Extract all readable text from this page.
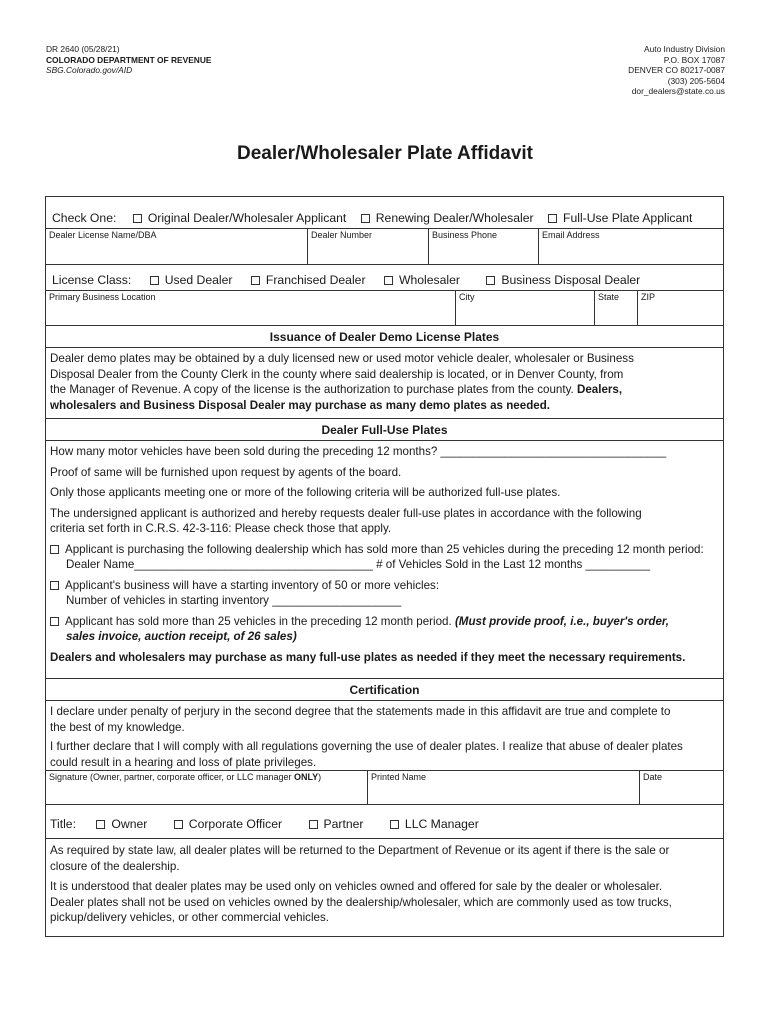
DR 2640 (05/28/21)
COLORADO DEPARTMENT OF REVENUE
SBG.Colorado.gov/AID
Auto Industry Division
P.O. BOX 17087
DENVER CO 80217-0087
(303) 205-5604
dor_dealers@state.co.us
Dealer/Wholesaler Plate Affidavit
Check One:	Original Dealer/Wholesaler Applicant Renewing Dealer/Wholesaler Full-Use Plate Applicant
Dealer License Name/DBA	Dealer Number	Business Phone	Email Address
License Class:	Used Dealer	Franchised Dealer	Wholesaler	Business Disposal Dealer
Primary Business Location	City	State	ZIP
Issuance of Dealer Demo License Plates
Dealer demo plates may be obtained by a duly licensed new or used motor vehicle dealer, wholesaler or Business
Disposal Dealer from the County Clerk in the county where said dealership is located, or in Denver County, from
the Manager of Revenue. A copy of the license is the authorization to purchase plates from the county. Dealers,
wholesalers and Business Disposal Dealer may purchase as many demo plates as needed.
Dealer Full-Use Plates
How many motor vehicles have been sold during the preceding 12 months? ___________________________________
Proof of same will be furnished upon request by agents of the board.
Only those applicants meeting one or more of the following criteria will be authorized full-use plates.
The undersigned applicant is authorized and hereby requests dealer full-use plates in accordance with the following
criteria set forth in C.R.S. 42-3-116: Please check those that apply.
Applicant is purchasing the following dealership which has sold more than 25 vehicles during the preceding 12 month period:
Dealer Name_____________________________________ # of Vehicles Sold in the Last 12 months __________
Applicant's business will have a starting inventory of 50 or more vehicles:
Number of vehicles in starting inventory ____________________
Applicant has sold more than 25 vehicles in the preceding 12 month period. (Must provide proof, i.e., buyer's order,
sales invoice, auction receipt, of 26 sales)
Dealers and wholesalers may purchase as many full-use plates as needed if they meet the necessary requirements.
Certification
I declare under penalty of perjury in the second degree that the statements made in this affidavit are true and complete to
the best of my knowledge.
I further declare that I will comply with all regulations governing the use of dealer plates. I realize that abuse of dealer plates
could result in a hearing and loss of plate privileges.
Signature (Owner, partner, corporate officer, or LLC manager ONLY)	Printed Name	Date
Title:	Owner	Corporate Officer	Partner	LLC Manager
As required by state law, all dealer plates will be returned to the Department of Revenue or its agent if there is the sale or
closure of the dealership.
It is understood that dealer plates may be used only on vehicles owned and offered for sale by the dealer or wholesaler.
Dealer plates shall not be used on vehicles owned by the dealership/wholesaler, which are commonly used as tow trucks,
pickup/delivery vehicles, or other commercial vehicles.
